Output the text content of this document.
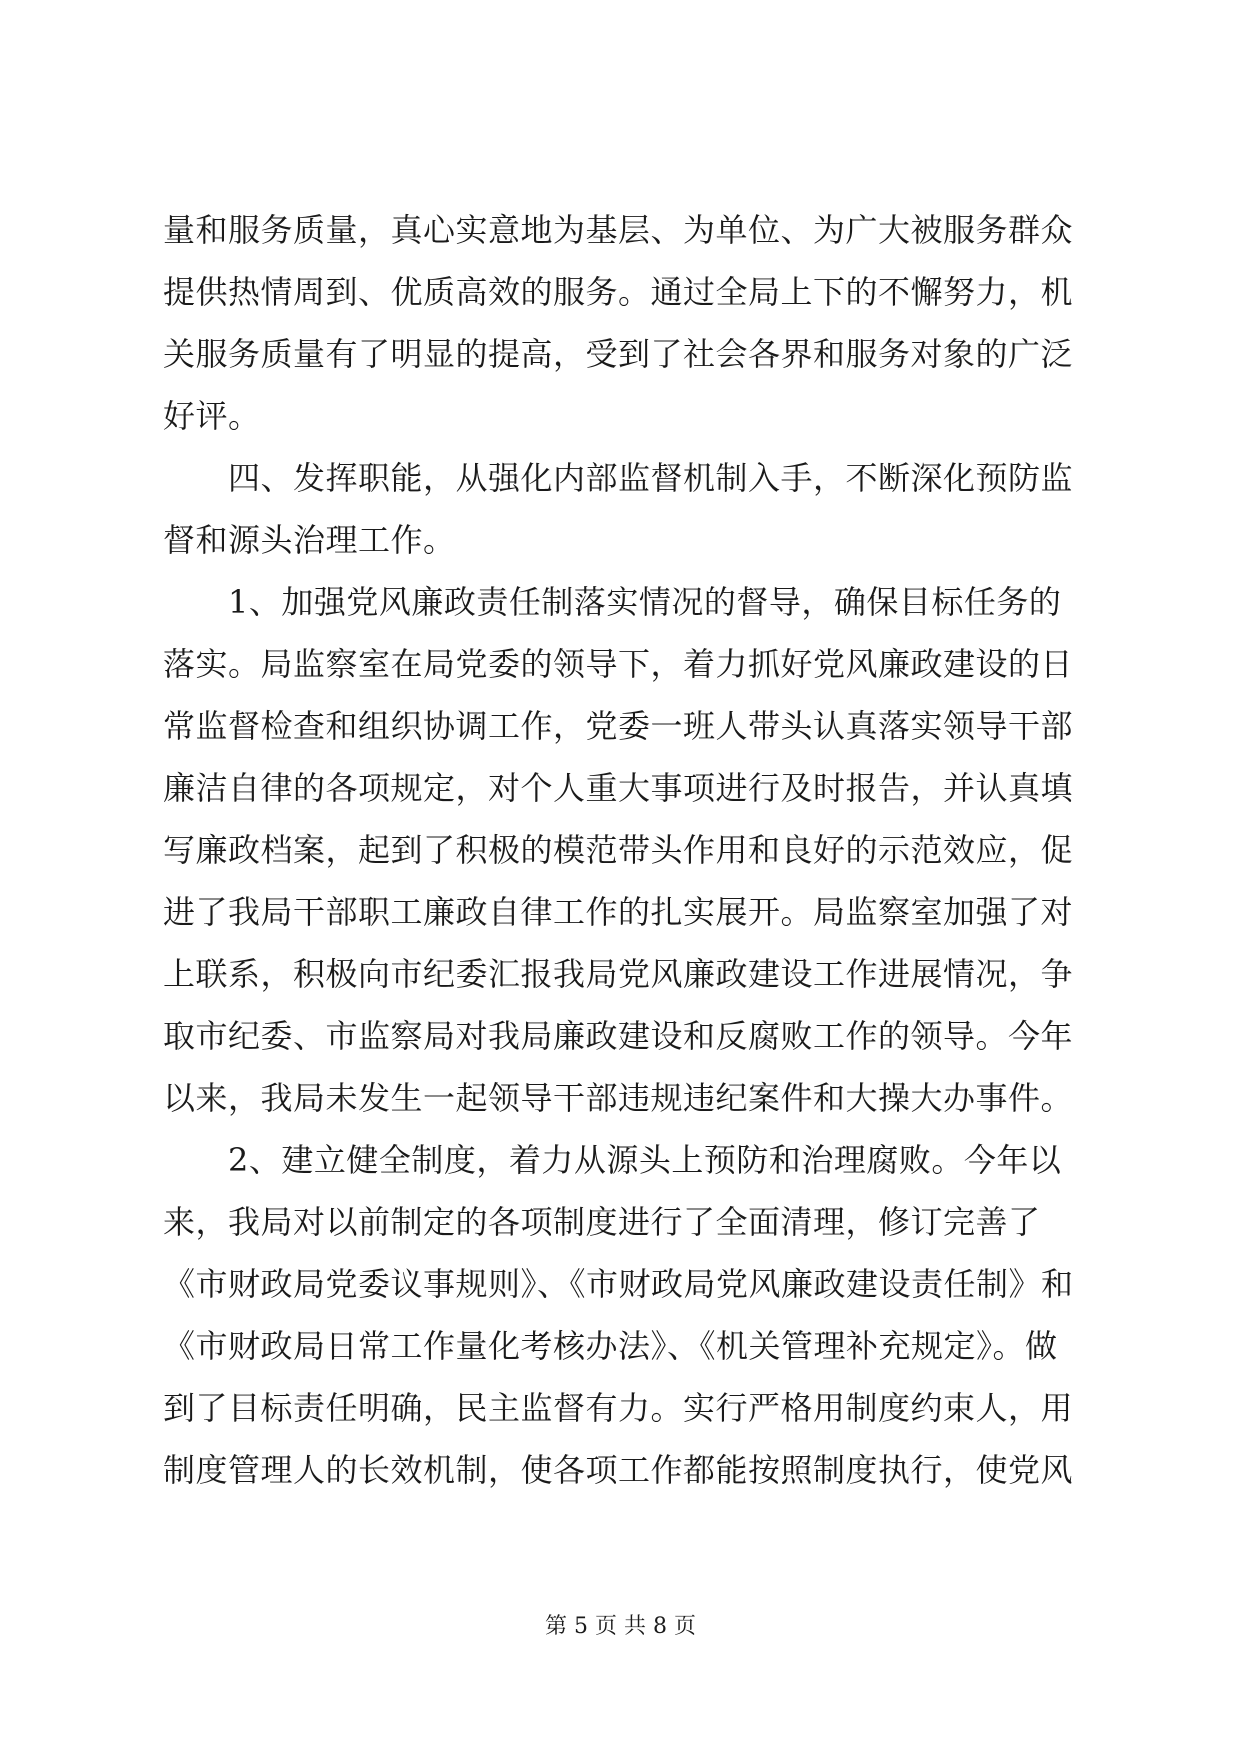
量和服务质量，真心实意地为基层、为单位、为广大被服务群众
提供热情周到、优质高效的服务。通过全局上下的不懈努力，机
关服务质量有了明显的提高，受到了社会各界和服务对象的广泛
好评。
四、发挥职能，从强化内部监督机制入手，不断深化预防监
督和源头治理工作。
1、加强党风廉政责任制落实情况的督导，确保目标任务的
落实。局监察室在局党委的领导下，着力抓好党风廉政建设的日
常监督检查和组织协调工作，党委一班人带头认真落实领导干部
廉洁自律的各项规定，对个人重大事项进行及时报告，并认真填
写廉政档案，起到了积极的模范带头作用和良好的示范效应，促
进了我局干部职工廉政自律工作的扎实展开。局监察室加强了对
上联系，积极向市纪委汇报我局党风廉政建设工作进展情况，争
取市纪委、市监察局对我局廉政建设和反腐败工作的领导。今年
以来，我局未发生一起领导干部违规违纪案件和大操大办事件。
2、建立健全制度，着力从源头上预防和治理腐败。今年以
来，我局对以前制定的各项制度进行了全面清理，修订完善了
《市财政局党委议事规则》、《市财政局党风廉政建设责任制》和
《市财政局日常工作量化考核办法》、《机关管理补充规定》。做
到了目标责任明确，民主监督有力。实行严格用制度约束人，用
制度管理人的长效机制，使各项工作都能按照制度执行，使党风
第 5 页 共 8 页
